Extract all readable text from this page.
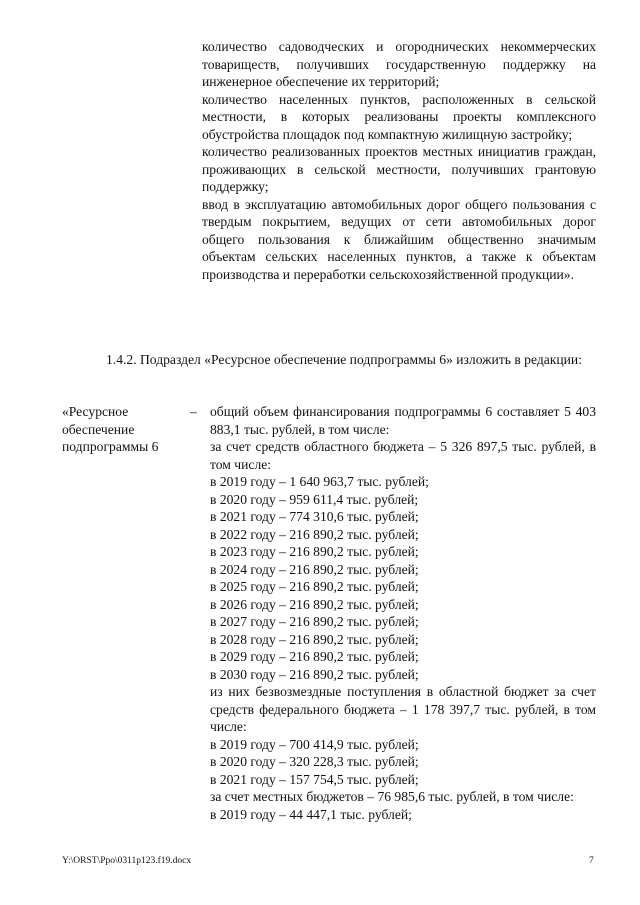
количество садоводческих и огороднических некоммерческих товариществ, получивших государственную поддержку на инженерное обеспечение их территорий;

количество населенных пунктов, расположенных в сельской местности, в которых реализованы проекты комплексного обустройства площадок под компактную жилищную застройку;

количество реализованных проектов местных инициатив граждан, проживающих в сельской местности, получивших грантовую поддержку;

ввод в эксплуатацию автомобильных дорог общего пользования с твердым покрытием, ведущих от сети автомобильных дорог общего пользования к ближайшим общественно значимым объектам сельских населенных пунктов, а также к объектам производства и переработки сельскохозяйственной продукции».

1.4.2. Подраздел «Ресурсное обеспечение подпрограммы 6» изложить в редакции:

«Ресурсное
обеспечение
подпрограммы 6
– общий объем финансирования подпрограммы 6 составляет 5 403 883,1 тыс. рублей, в том числе:

за счет средств областного бюджета – 5 326 897,5 тыс. рублей, в том числе:

в 2019 году – 1 640 963,7 тыс. рублей;
в 2020 году – 959 611,4 тыс. рублей;
в 2021 году – 774 310,6 тыс. рублей;
в 2022 году – 216 890,2 тыс. рублей;
в 2023 году – 216 890,2 тыс. рублей;
в 2024 году – 216 890,2 тыс. рублей;
в 2025 году – 216 890,2 тыс. рублей;
в 2026 году – 216 890,2 тыс. рублей;
в 2027 году – 216 890,2 тыс. рублей;
в 2028 году – 216 890,2 тыс. рублей;
в 2029 году – 216 890,2 тыс. рублей;
в 2030 году – 216 890,2 тыс. рублей;

из них безвозмездные поступления в областной бюджет за счет средств федерального бюджета – 1 178 397,7 тыс. рублей, в том числе:

в 2019 году – 700 414,9 тыс. рублей;
в 2020 году – 320 228,3 тыс. рублей;
в 2021 году – 157 754,5 тыс. рублей;

за счет местных бюджетов – 76 985,6 тыс. рублей, в том числе:

в 2019 году – 44 447,1 тыс. рублей;
Y:\ORST\Ppo\0311p123.f19.docx	7
